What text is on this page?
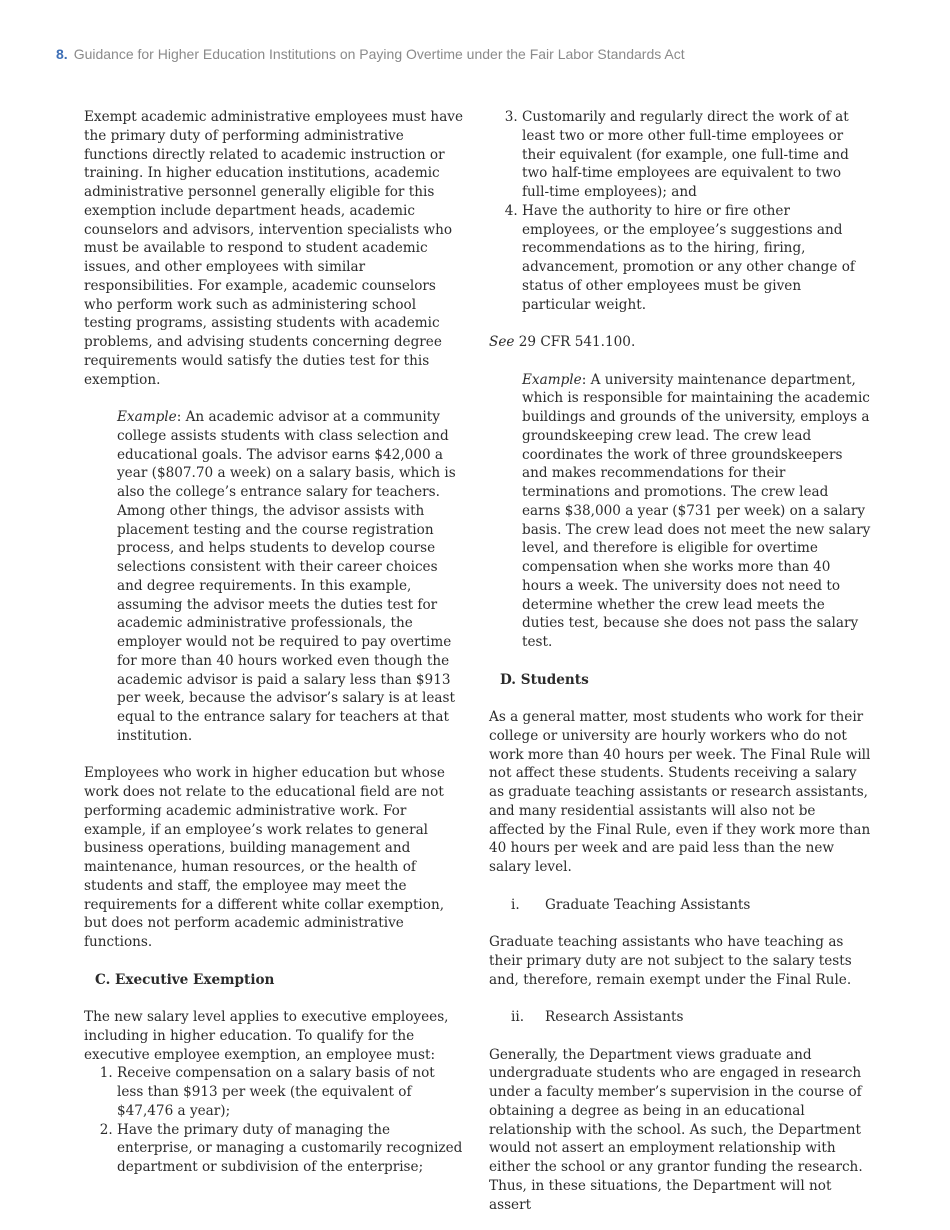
8. Guidance for Higher Education Institutions on Paying Overtime under the Fair Labor Standards Act

Exempt academic administrative employees must have the primary duty of performing administrative functions directly related to academic instruction or training. In higher education institutions, academic administrative personnel generally eligible for this exemption include department heads, academic counselors and advisors, intervention specialists who must be available to respond to student academic issues, and other employees with similar responsibilities. For example, academic counselors who perform work such as administering school testing programs, assisting students with academic problems, and advising students concerning degree requirements would satisfy the duties test for this exemption.

Example: An academic advisor at a community college assists students with class selection and educational goals. The advisor earns $42,000 a year ($807.70 a week) on a salary basis, which is also the college’s entrance salary for teachers. Among other things, the advisor assists with placement testing and the course registration process, and helps students to develop course selections consistent with their career choices and degree requirements. In this example, assuming the advisor meets the duties test for academic administrative professionals, the employer would not be required to pay overtime for more than 40 hours worked even though the academic advisor is paid a salary less than $913 per week, because the advisor’s salary is at least equal to the entrance salary for teachers at that institution.

Employees who work in higher education but whose work does not relate to the educational field are not performing academic administrative work. For example, if an employee’s work relates to general business operations, building management and maintenance, human resources, or the health of students and staff, the employee may meet the requirements for a different white collar exemption, but does not perform academic administrative functions.

C. Executive Exemption

The new salary level applies to executive employees, including in higher education. To qualify for the executive employee exemption, an employee must:

1. Receive compensation on a salary basis of not less than $913 per week (the equivalent of $47,476 a year);
2. Have the primary duty of managing the enterprise, or managing a customarily recognized department or subdivision of the enterprise;
3. Customarily and regularly direct the work of at least two or more other full-time employees or their equivalent (for example, one full-time and two half-time employees are equivalent to two full-time employees); and
4. Have the authority to hire or fire other employees, or the employee’s suggestions and recommendations as to the hiring, firing, advancement, promotion or any other change of status of other employees must be given particular weight.

See 29 CFR 541.100.

Example: A university maintenance department, which is responsible for maintaining the academic buildings and grounds of the university, employs a groundskeeping crew lead. The crew lead coordinates the work of three groundskeepers and makes recommendations for their terminations and promotions. The crew lead earns $38,000 a year ($731 per week) on a salary basis. The crew lead does not meet the new salary level, and therefore is eligible for overtime compensation when she works more than 40 hours a week. The university does not need to determine whether the crew lead meets the duties test, because she does not pass the salary test.

D. Students

As a general matter, most students who work for their college or university are hourly workers who do not work more than 40 hours per week. The Final Rule will not affect these students. Students receiving a salary as graduate teaching assistants or research assistants, and many residential assistants will also not be affected by the Final Rule, even if they work more than 40 hours per week and are paid less than the new salary level.

i.	Graduate Teaching Assistants

Graduate teaching assistants who have teaching as their primary duty are not subject to the salary tests and, therefore, remain exempt under the Final Rule.

ii.	Research Assistants

Generally, the Department views graduate and undergraduate students who are engaged in research under a faculty member’s supervision in the course of obtaining a degree as being in an educational relationship with the school. As such, the Department would not assert an employment relationship with either the school or any grantor funding the research. Thus, in these situations, the Department will not assert
